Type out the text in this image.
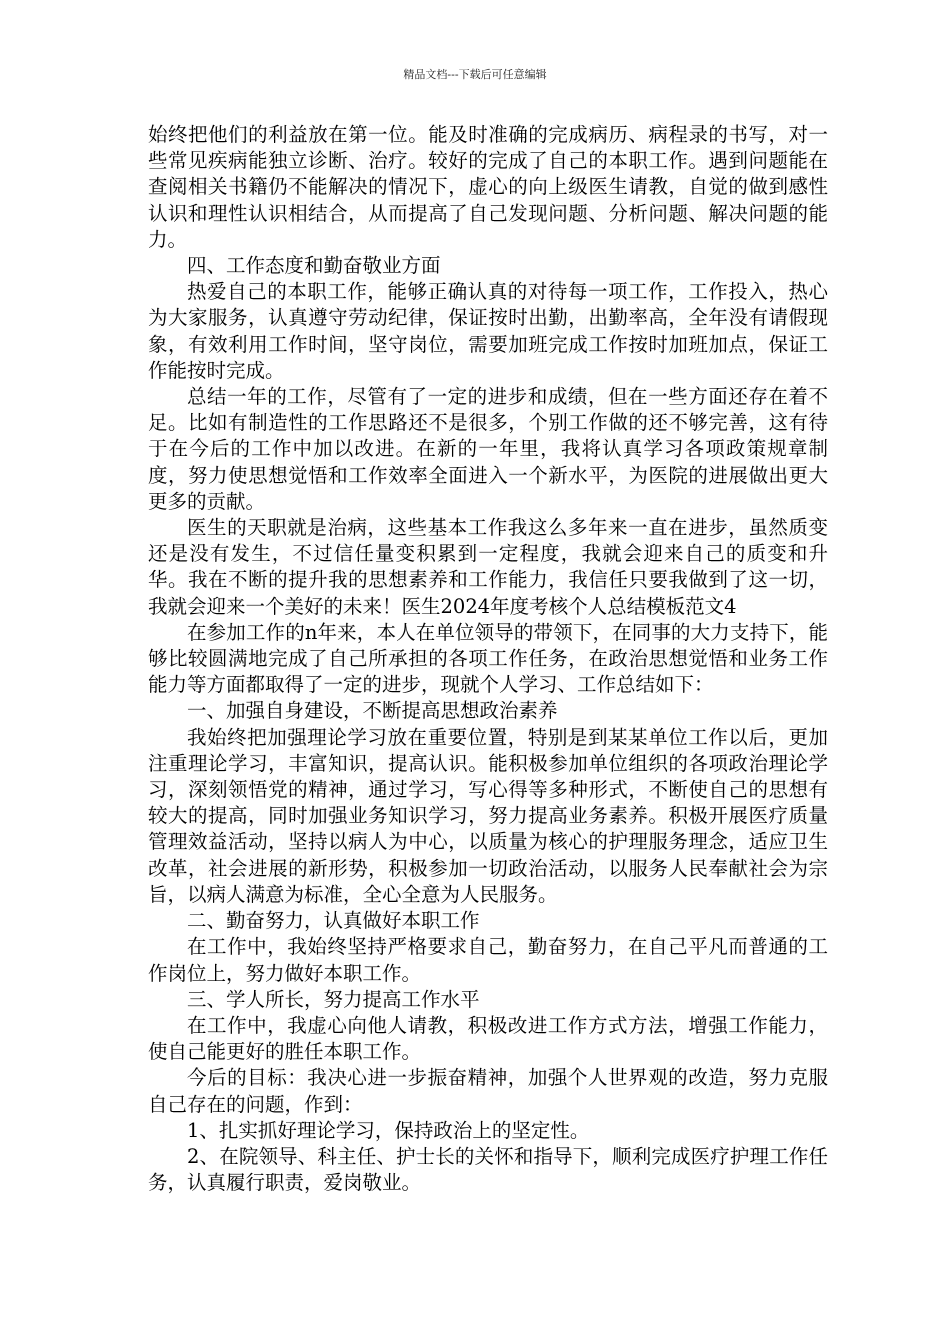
精品文档---下载后可任意编辑

始终把他们的利益放在第一位。能及时准确的完成病历、病程录的书写，对一些常见疾病能独立诊断、治疗。较好的完成了自己的本职工作。遇到问题能在查阅相关书籍仍不能解决的情况下，虚心的向上级医生请教，自觉的做到感性认识和理性认识相结合，从而提高了自己发现问题、分析问题、解决问题的能力。

四、工作态度和勤奋敬业方面

热爱自己的本职工作，能够正确认真的对待每一项工作，工作投入，热心为大家服务，认真遵守劳动纪律，保证按时出勤，出勤率高，全年没有请假现象，有效利用工作时间，坚守岗位，需要加班完成工作按时加班加点，保证工作能按时完成。

总结一年的工作，尽管有了一定的进步和成绩，但在一些方面还存在着不足。比如有制造性的工作思路还不是很多，个别工作做的还不够完善，这有待于在今后的工作中加以改进。在新的一年里，我将认真学习各项政策规章制度，努力使思想觉悟和工作效率全面进入一个新水平，为医院的进展做出更大更多的贡献。

医生的天职就是治病，这些基本工作我这么多年来一直在进步，虽然质变还是没有发生，不过信任量变积累到一定程度，我就会迎来自己的质变和升华。我在不断的提升我的思想素养和工作能力，我信任只要我做到了这一切，我就会迎来一个美好的未来！医生2024年度考核个人总结模板范文4

在参加工作的n年来，本人在单位领导的带领下，在同事的大力支持下，能够比较圆满地完成了自己所承担的各项工作任务，在政治思想觉悟和业务工作能力等方面都取得了一定的进步，现就个人学习、工作总结如下：

一、加强自身建设，不断提高思想政治素养

我始终把加强理论学习放在重要位置，特别是到某某单位工作以后，更加注重理论学习，丰富知识，提高认识。能积极参加单位组织的各项政治理论学习，深刻领悟党的精神，通过学习，写心得等多种形式，不断使自己的思想有较大的提高，同时加强业务知识学习，努力提高业务素养。积极开展医疗质量管理效益活动，坚持以病人为中心，以质量为核心的护理服务理念，适应卫生改革，社会进展的新形势，积极参加一切政治活动，以服务人民奉献社会为宗旨，以病人满意为标准，全心全意为人民服务。

二、勤奋努力，认真做好本职工作

在工作中，我始终坚持严格要求自己，勤奋努力，在自己平凡而普通的工作岗位上，努力做好本职工作。

三、学人所长，努力提高工作水平

在工作中，我虚心向他人请教，积极改进工作方式方法，增强工作能力，使自己能更好的胜任本职工作。

今后的目标：我决心进一步振奋精神，加强个人世界观的改造，努力克服自己存在的问题，作到：

1、扎实抓好理论学习，保持政治上的坚定性。

2、在院领导、科主任、护士长的关怀和指导下，顺利完成医疗护理工作任务，认真履行职责，爱岗敬业。
